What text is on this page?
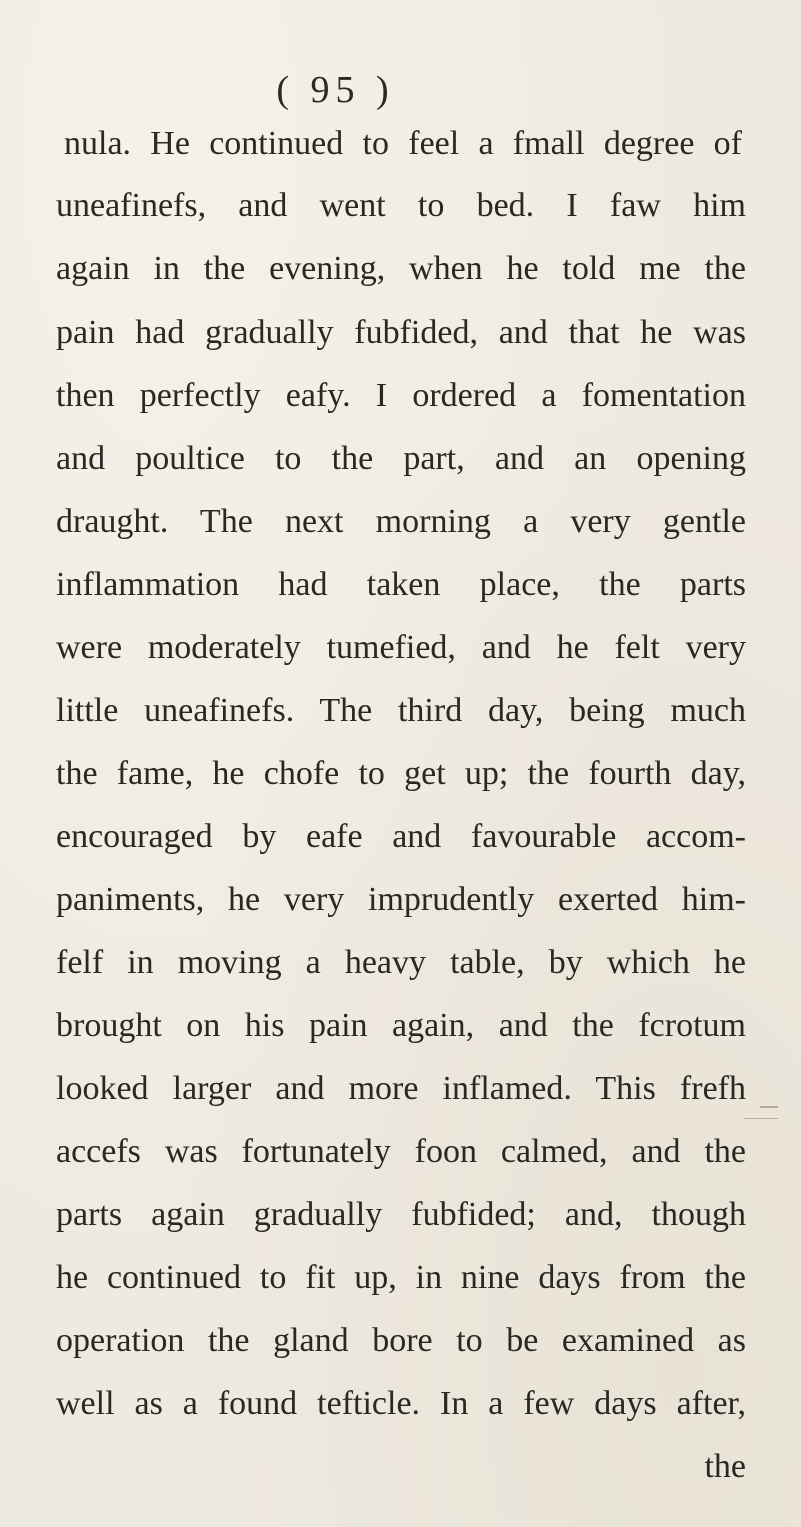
( 95 )
nula. He continued to feel a fmall degree of
uneafinefs, and went to bed. I faw him
again in the evening, when he told me the
pain had gradually fubfided, and that he was
then perfectly eafy. I ordered a fomentation
and poultice to the part, and an opening
draught. The next morning a very gentle
inflammation had taken place, the parts
were moderately tumefied, and he felt very
little uneafinefs. The third day, being much
the fame, he chofe to get up; the fourth day,
encouraged by eafe and favourable accom-
paniments, he very imprudently exerted him-
felf in moving a heavy table, by which he
brought on his pain again, and the fcrotum
looked larger and more inflamed. This frefh
accefs was fortunately foon calmed, and the
parts again gradually fubfided; and, though
he continued to fit up, in nine days from the
operation the gland bore to be examined as
well as a found tefticle. In a few days after,
the
